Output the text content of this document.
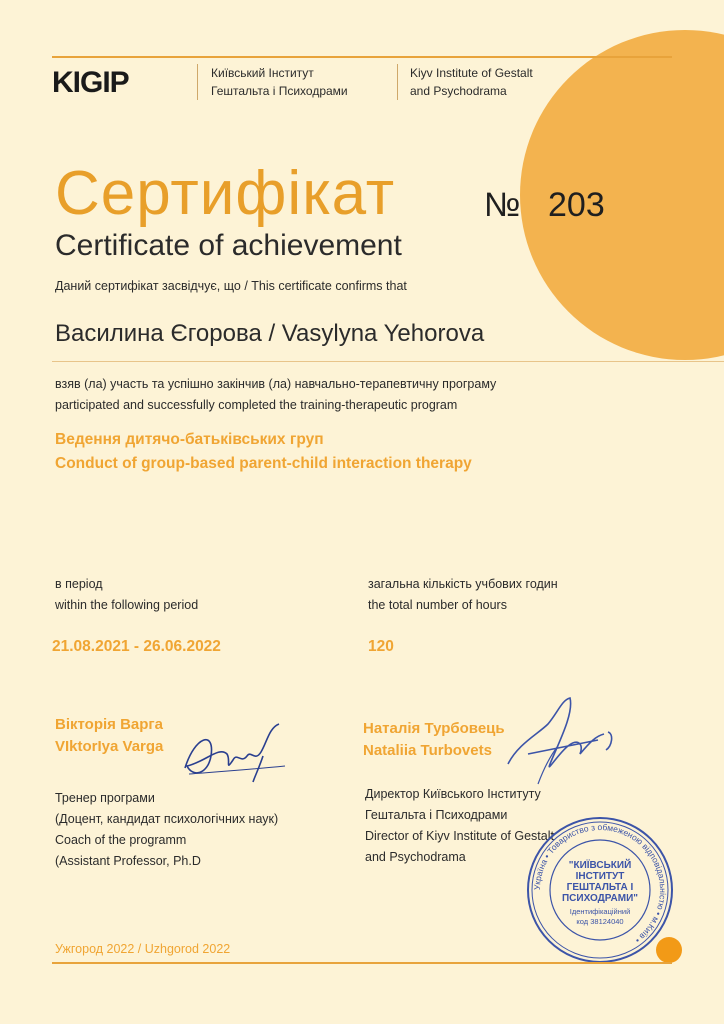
KIGIP	Київський Інститут
Гештальта і Психодрами
Kiyv Institute of Gestalt
and Psychodrama
Сертифікат
Certificate of achievement
№ 203
Даний сертифікат засвідчує, що / This certificate confirms that
Василина Єгорова / Vasylyna Yehorova
взяв (ла) участь та успішно закінчив (ла) навчально-терапевтичну програму
participated and successfully completed the training-therapeutic program
Ведення дитячо-батьківських груп
Conduct of group-based parent-child interaction therapy
в період
within the following period
21.08.2021 - 26.06.2022
загальна кількість учбових годин
the total number of hours
120
Вікторія Варга
VIktorIya Varga
Тренер програми
(Доцент, кандидат психологічних наук)
Coach of the programm
(Assistant Professor, Ph.D
Наталія Турбовець
Nataliia Turbovets
Директор Київського Інституту
Гештальта і Психодрами
Director of Kiyv Institute of Gestalt
and Psychodrama
Україна • Товариство з обмеженою відповідальністю • м.Київ •
"КИЇВСЬКИЙ
ІНСТИТУТ
ГЕШТАЛЬТА І
ПСИХОДРАМИ"
Ідентифікаційний
код 38124040
Ужгород 2022 / Uzhgorod 2022
